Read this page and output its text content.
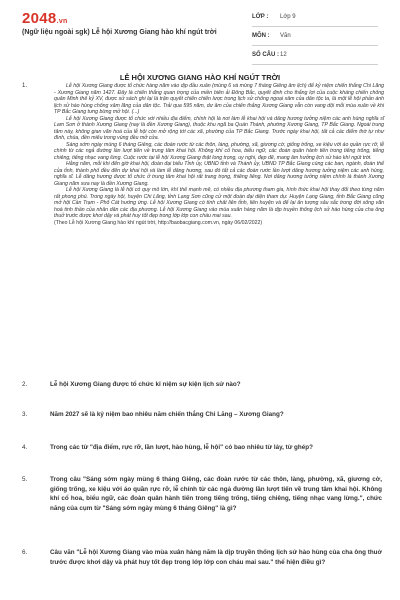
2048.vn
(Ngữ liệu ngoài sgk) Lễ hội Xương Giang hào khí ngút trời
LỚP :	Lớp 9
MÔN :	Văn
SỐ CÂU : 12
LỄ HỘI XƯƠNG GIANG HÀO KHÍ NGÚT TRỜI
1.	Lễ hội Xương Giang được tổ chức hàng năm vào dịp đầu xuân (mùng 6 và mùng 7 tháng Giêng âm lịch) để kỷ niệm chiến thắng Chi Lăng - Xương Giang năm 1427. Đây là chiến thắng quan trọng của miền biên ải Đông Bắc, quyết định cho thắng lợi của cuộc kháng chiến chống quân Minh thế kỷ XV, được sử sách ghi lại là trận quyết chiến chiến lược trong lịch sử chống ngoại xâm của dân tộc ta, là một lễ hội phản ánh lịch sử hào hùng chống xâm lăng của dân tộc. Trải qua 595 năm, dư âm của chiến thắng Xương Giang vẫn còn vang dội mỗi mùa xuân về khi TP Bắc Giang tưng bừng mở hội. (...)

Lễ hội Xương Giang được tổ chức với nhiều địa điểm, chính hội là nơi làm lễ khai hội và dâng hương tưởng niệm các anh hùng nghĩa sĩ Lam Sơn ở thành Xương Giang (nay là đền Xương Giang), thuộc khu ngã ba Quán Thành, phường Xương Giang, TP Bắc Giang. Ngoài trung tâm này, không gian văn hoá của lễ hội còn mở rộng tới các xã, phường của TP Bắc Giang. Trước ngày khai hội, tất cả các điểm thờ tự như đình, chùa, đền miếu trong vùng đều mở cửa.

Sáng sớm ngày mùng 6 tháng Giêng, các đoàn rước từ các thôn, làng, phường, xã, giương cờ, giống trống, xe kiệu với áo quần rực rỡ, lễ chính từ các ngả đường lần lượt tiến về trung tâm khai hội. Không khí cổ hoa, biểu ngữ, các đoàn quân hành tiến trong tiếng trống, tiếng chiêng, tiếng nhạc vang lừng. Cuộc rước tại lễ hội Xương Giang thật long trọng, uy nghi, đẹp đẽ, mang âm hưởng lịch sử hào khí ngút trời.

Hằng năm, mỗi khi đến giờ khai hội, đoàn đại biểu Tỉnh ủy, UBND tỉnh và Thành ủy, UBND TP Bắc Giang cùng các ban, ngành, đoàn thể của tỉnh, thành phố đều đến dự khai hội và làm lễ dâng hương, sau đó tất cả các đoàn rước lần lượt dâng hương tưởng niệm các anh hùng, nghĩa sĩ. Lễ dâng hương được tổ chức ở trung tâm khai hội rất trang trọng, thiêng liêng. Nơi dâng hương tưởng niệm chính là thành Xương Giang năm xưa nay là đền Xương Giang.

Lễ hội Xương Giang là lễ hội có quy mô lớn, khí thế mạnh mẽ, có nhiều địa phương tham gia, hình thức khai hội thay đổi theo từng năm rất phong phú. Trong ngày hội, huyện Chi Lăng, tỉnh Lạng Sơn cũng cử một đoàn đại diện tham dự. Huyện Lạng Giang, tỉnh Bắc Giang cũng mở hội Cần Trạm - Phố Cát hướng ứng. Lễ hội Xương Giang có tính chất liên tỉnh, liên huyện và để lại ấn tượng sâu sắc trong đời sống văn hoá tinh thần của nhân dân các địa phương. Lễ hội Xương Giang vào mùa xuân hàng năm là dịp truyền thống lịch sử hào hùng của cha ông thuở trước được khơi dậy và phát huy tốt đẹp trong lớp lớp con cháu mai sau.

(Theo Lễ hội Xương Giang hào khí ngút trời, http://baobacgiang.com.vn, ngày 06/02/2022)

2.	Lễ hội Xương Giang được tổ chức kỉ niệm sự kiện lịch sử nào?
3.	Năm 2027 sẽ là kỷ niệm bao nhiêu năm chiến thắng Chi Lăng – Xương Giang?
4.	Trong các từ "địa điểm, rực rỡ, lần lượt, hào hùng, lễ hội" có bao nhiêu từ láy, từ ghép?
5.	Trong câu "Sáng sớm ngày mùng 6 tháng Giêng, các đoàn rước từ các thôn, làng, phường, xã, giương cờ, giống trống, xe kiệu với áo quần rực rỡ, lễ chính từ các ngả đường lần lượt tiến về trung tâm khai hội. Không khí cổ hoa, biểu ngữ, các đoàn quân hành tiến trong tiếng trống, tiếng chiêng, tiếng nhạc vang lừng.", chức năng của cụm từ "Sáng sớm ngày mùng 6 tháng Giêng" là gì?
6.	Câu văn "Lễ hội Xương Giang vào mùa xuân hàng năm là dịp truyền thống lịch sử hào hùng của cha ông thuở trước được khơi dậy và phát huy tốt đẹp trong lớp lớp con cháu mai sau." thể hiện điều gì?
